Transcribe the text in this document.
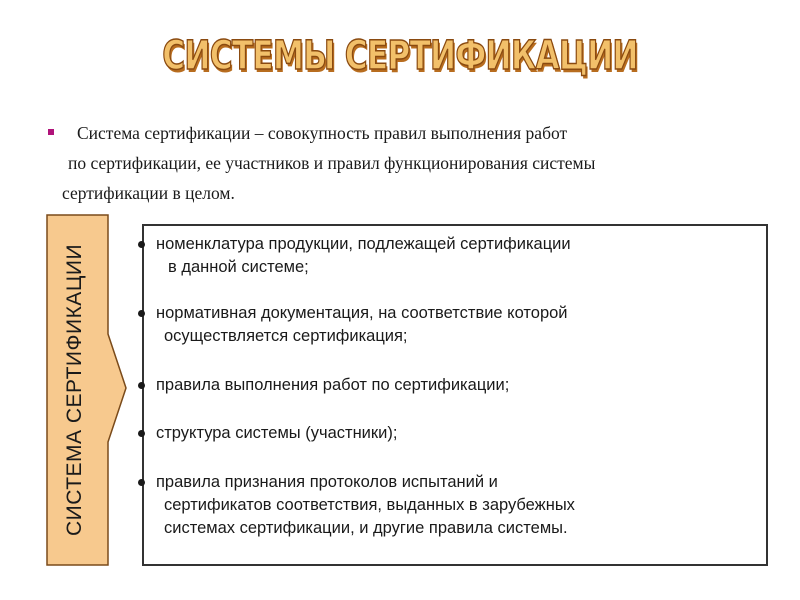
СИСТЕМЫ СЕРТИФИКАЦИИ
Система сертификации – совокупность правил выполнения работ
по сертификации, ее участников и правил функционирования системы
сертификации в целом.
СИСТЕМА СЕРТИФИКАЦИИ	номенклатура продукции, подлежащей сертификации
в данной системе;
нормативная документация, на соответствие которой
осуществляется сертификация;
правила выполнения работ по сертификации;
структура системы (участники);
правила признания протоколов испытаний и
сертификатов соответствия, выданных в зарубежных
системах сертификации, и другие правила системы.
